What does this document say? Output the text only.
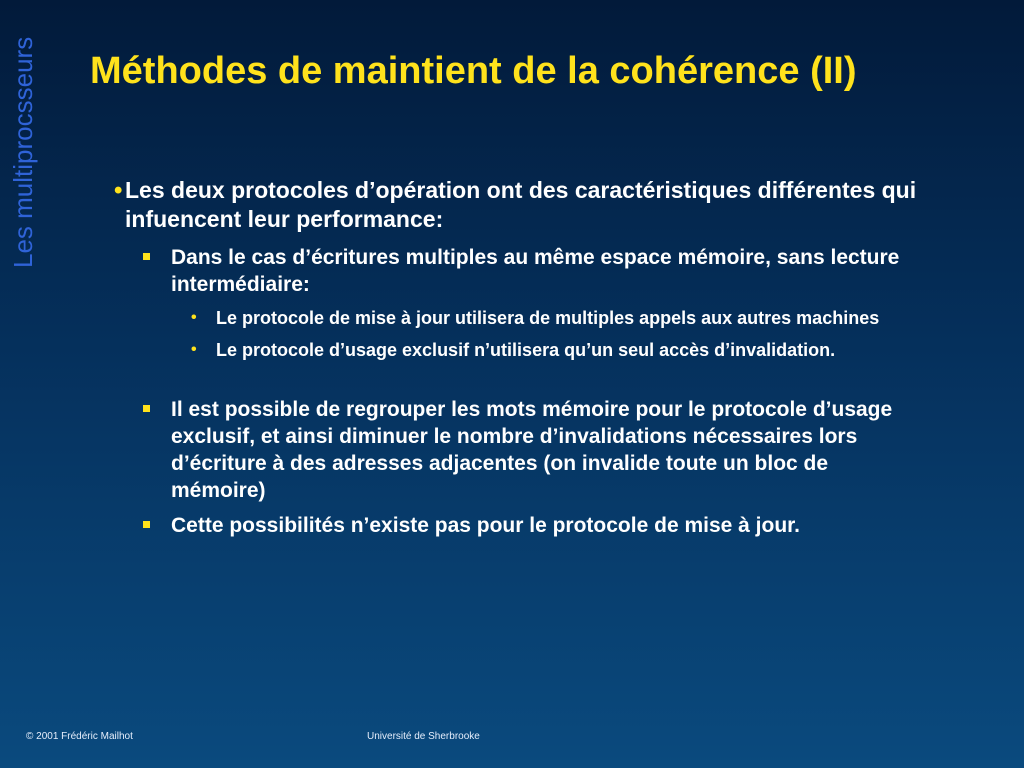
Les multiprocsseurs Méthodes de maintient de la cohérence (II)
• Les deux protocoles d’opération ont des caractéristiques différentes qui infuencent leur performance:
Dans le cas d’écritures multiples au même espace mémoire, sans lecture intermédiaire:
• Le protocole de mise à jour utilisera de multiples appels aux autres machines
• Le protocole d’usage exclusif n’utilisera qu’un seul accès d’invalidation.
Il est possible de regrouper les mots mémoire pour le protocole d’usage exclusif, et ainsi diminuer le nombre d’invalidations nécessaires lors d’écriture à des adresses adjacentes (on invalide toute un bloc de mémoire)
Cette possibilités n’existe pas pour le protocole de mise à jour.
© 2001 Frédéric Mailhot	Université de Sherbrooke
